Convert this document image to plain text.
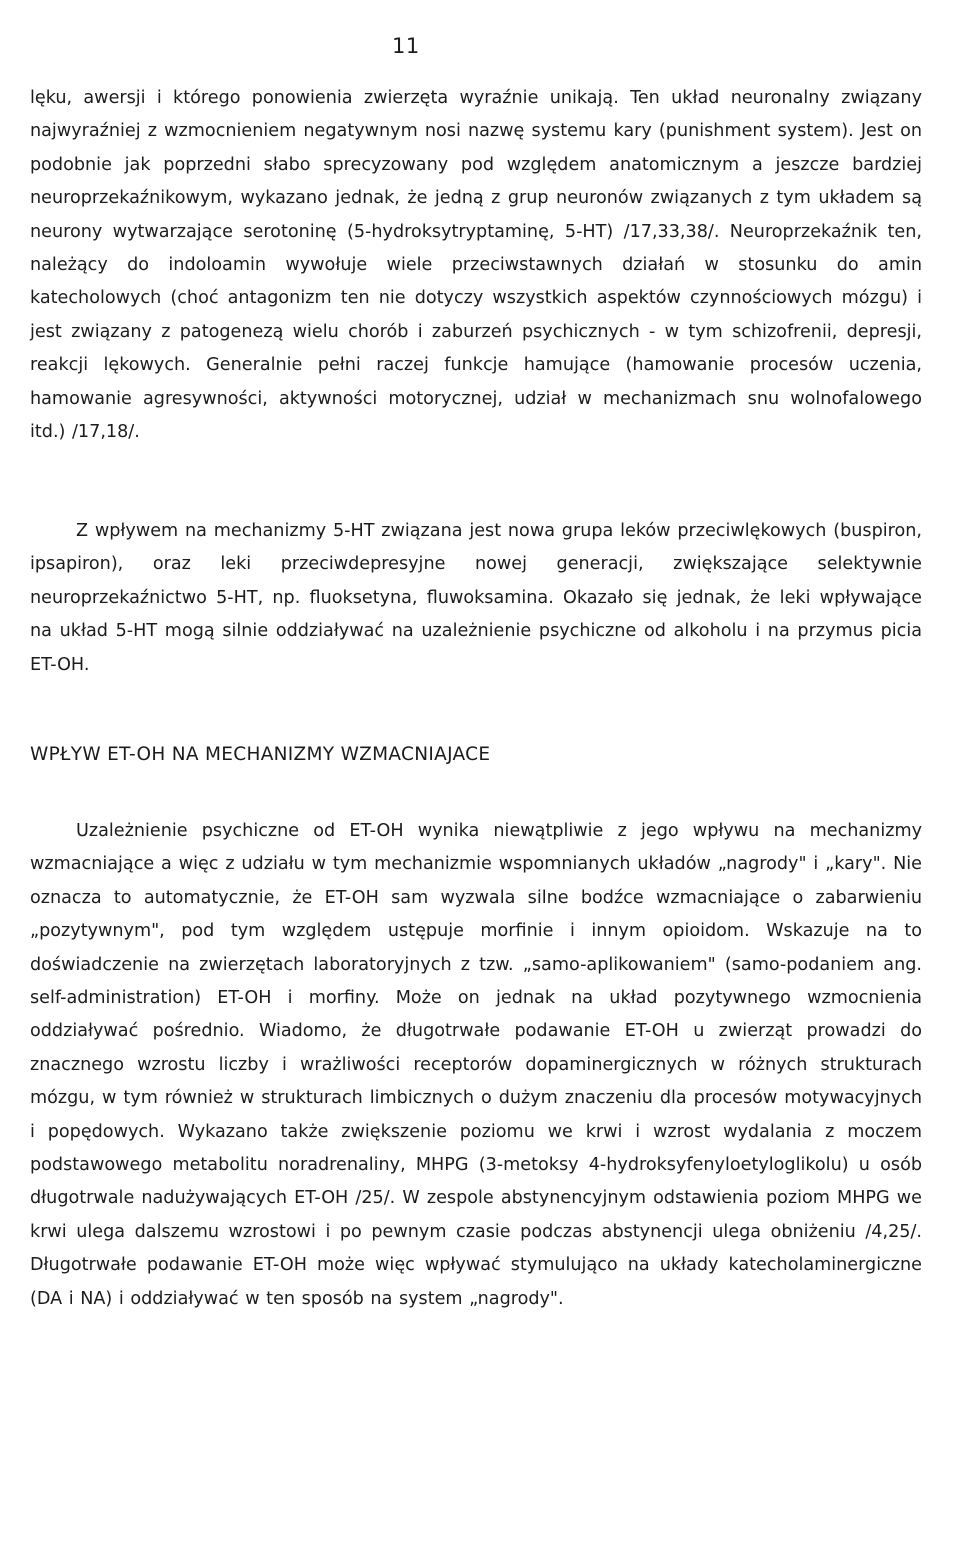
11

lęku, awersji i którego ponowienia zwierzęta wyraźnie unikają. Ten układ neuronalny związany najwyraźniej z wzmocnieniem negatywnym nosi nazwę systemu kary (punishment system). Jest on podobnie jak poprzedni słabo sprecyzowany pod względem anatomicznym a jeszcze bardziej neuroprzekaźnikowym, wykazano jednak, że jedną z grup neuronów związanych z tym układem są neurony wytwarzające serotoninę (5-hydroksytryptaminę, 5-HT) /17,33,38/. Neuroprzekaźnik ten, należący do indoloamin wywołuje wiele przeciwstawnych działań w stosunku do amin katecholowych (choć antagonizm ten nie dotyczy wszystkich aspektów czynnościowych mózgu) i jest związany z patogenezą wielu chorób i zaburzeń psychicznych - w tym schizofrenii, depresji, reakcji lękowych. Generalnie pełni raczej funkcje hamujące (hamowanie procesów uczenia, hamowanie agresywności, aktywności motorycznej, udział w mechanizmach snu wolnofalowego itd.) /17,18/.

Z wpływem na mechanizmy 5-HT związana jest nowa grupa leków przeciwlękowych (buspiron, ipsapiron), oraz leki przeciwdepresyjne nowej generacji, zwiększające selektywnie neuroprzekaźnictwo 5-HT, np. fluoksetyna, fluwoksamina. Okazało się jednak, że leki wpływające na układ 5-HT mogą silnie oddziaływać na uzależnienie psychiczne od alkoholu i na przymus picia ET-OH.

WPŁYW ET-OH NA MECHANIZMY WZMACNIAJACE

Uzależnienie psychiczne od ET-OH wynika niewątpliwie z jego wpływu na mechanizmy wzmacniające a więc z udziału w tym mechanizmie wspomnianych układów „nagrody" i „kary". Nie oznacza to automatycznie, że ET-OH sam wyzwala silne bodźce wzmacniające o zabarwieniu „pozytywnym", pod tym względem ustępuje morfinie i innym opioidom. Wskazuje na to doświadczenie na zwierzętach laboratoryjnych z tzw. „samo-aplikowaniem" (samo-podaniem ang. self-administration) ET-OH i morfiny. Może on jednak na układ pozytywnego wzmocnienia oddziaływać pośrednio. Wiadomo, że długotrwałe podawanie ET-OH u zwierząt prowadzi do znacznego wzrostu liczby i wrażliwości receptorów dopaminergicznych w różnych strukturach mózgu, w tym również w strukturach limbicznych o dużym znaczeniu dla procesów motywacyjnych i popędowych. Wykazano także zwiększenie poziomu we krwi i wzrost wydalania z moczem podstawowego metabolitu noradrenaliny, MHPG (3-metoksy 4-hydroksyfenyloetyloglikolu) u osób długotrwale nadużywających ET-OH /25/. W zespole abstynencyjnym odstawienia poziom MHPG we krwi ulega dalszemu wzrostowi i po pewnym czasie podczas abstynencji ulega obniżeniu /4,25/. Długotrwałe podawanie ET-OH może więc wpływać stymulująco na układy katecholaminergiczne (DA i NA) i oddziaływać w ten sposób na system „nagrody".
